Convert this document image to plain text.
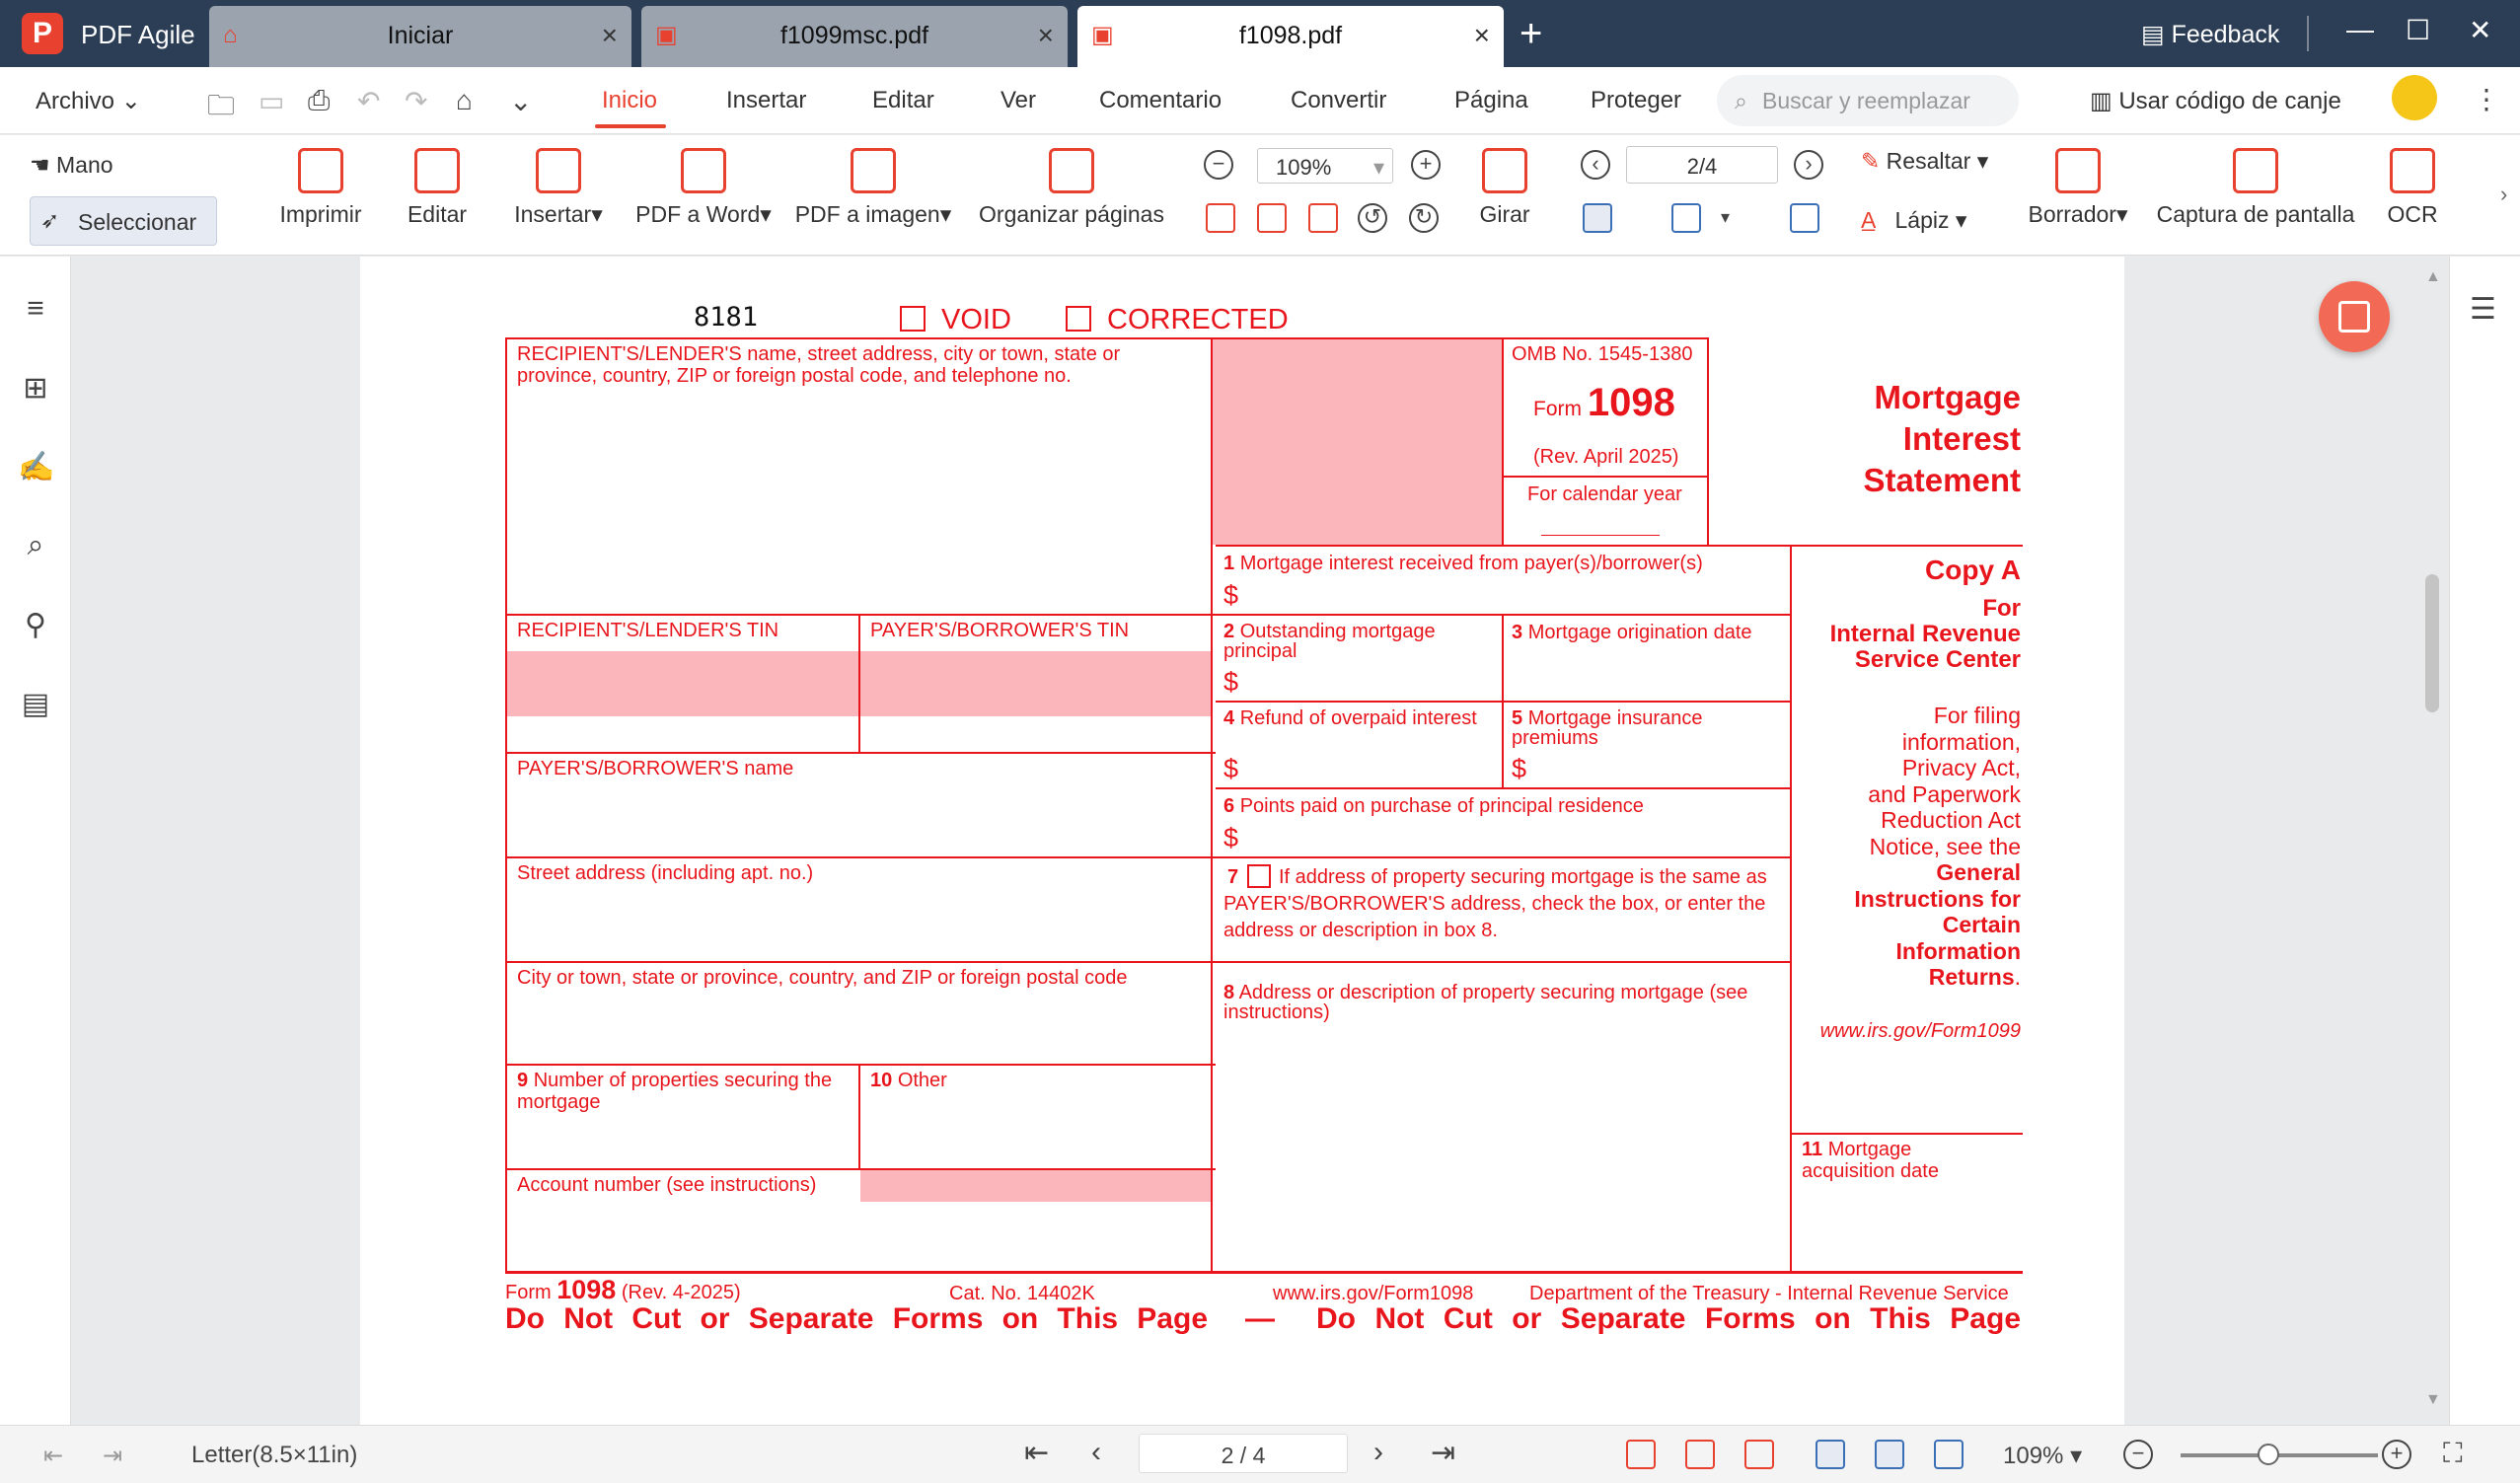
P	PDF Agile ⌂	Iniciar	× ▣	f1099msc.pdf	× ▣	f1098.pdf	× +	▤ Feedback — ☐ ✕
Archivo ⌄ 🗀 ▭ ⎙ ↶ ↷ ⌂ ⌄	Inicio	Insertar	Editar	Ver	Comentario	Convertir	Página	Proteger ⌕ Buscar y reemplazar	▥ Usar código de canje	⋮
☚ Mano
➶ Seleccionar	Imprimir	Editar	Insertar▾	PDF a Word▾ PDF a imagen▾ Organizar páginas
−	109% ▾	+
↺ ↻	Girar
‹	2/4	›
▾
✎ Resaltar ▾
A̲   Lápiz ▾	Borrador▾	Captura de pantalla	OCR
›
≡
⊞
✍
⌕
⚲
▤
☰
▲
▼
8181	VOID	CORRECTED
RECIPIENT'S/LENDER'S name, street address, city or town, state or province, country, ZIP or foreign postal code, and telephone no.
RECIPIENT'S/LENDER'S TIN	PAYER'S/BORROWER'S TIN
PAYER'S/BORROWER'S name
Street address (including apt. no.)
City or town, state or province, country, and ZIP or foreign postal code
9 Number of properties securing the mortgage
10 Other
Account number (see instructions)
OMB No. 1545-1380
Form 1098
(Rev. April 2025)
For calendar year
Mortgage
Interest
Statement
1 Mortgage interest received from payer(s)/borrower(s)
$
2 Outstanding mortgage principal
$
3 Mortgage origination date
4 Refund of overpaid interest
$
5 Mortgage insurance premiums
$
6 Points paid on purchase of principal residence
$
7	If address of property securing mortgage is the same as PAYER'S/BORROWER'S address, check the box, or enter the address or description in box 8.
8 Address or description of property securing mortgage (see instructions)
11 Mortgage acquisition date
Copy A
For
Internal Revenue
Service Center
For filing
information,
Privacy Act,
and Paperwork
Reduction Act
Notice, see the
General
Instructions for
Certain
Information
Returns.
www.irs.gov/Form1099
Form 1098 (Rev. 4-2025)	Cat. No. 14402K	www.irs.gov/Form1098	Department of the Treasury - Internal Revenue Service
Do Not Cut or Separate Forms on This Page — Do Not Cut or Separate Forms on This Page
⇤ ⇥	Letter(8.5×11in)	⇤ ‹	2 / 4	› ⇥	109% ▾	−	+	⛶
